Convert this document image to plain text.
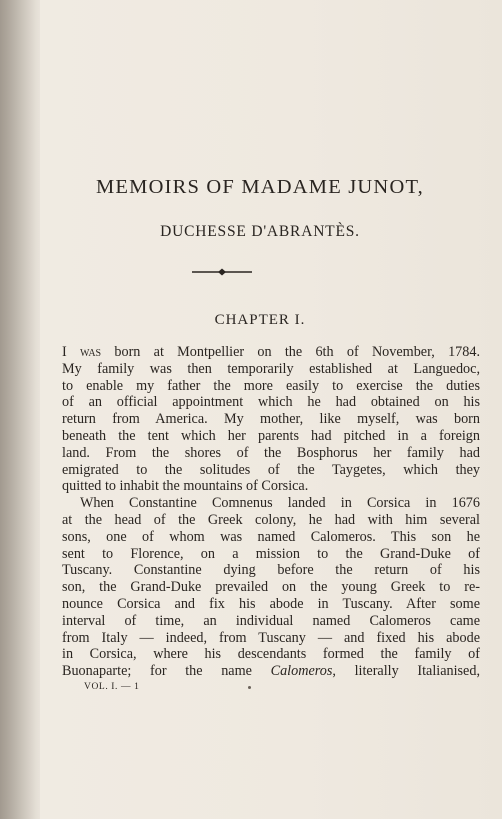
MEMOIRS OF MADAME JUNOT,
DUCHESSE D'ABRANTÈS.
CHAPTER I.
I was born at Montpellier on the 6th of November, 1784.
My family was then temporarily established at Languedoc,
to enable my father the more easily to exercise the duties
of an official appointment which he had obtained on his
return from America. My mother, like myself, was born
beneath the tent which her parents had pitched in a foreign
land. From the shores of the Bosphorus her family had
emigrated to the solitudes of the Taygetes, which they
quitted to inhabit the mountains of Corsica.
When Constantine Comnenus landed in Corsica in 1676
at the head of the Greek colony, he had with him several
sons, one of whom was named Calomeros. This son he
sent to Florence, on a mission to the Grand-Duke of
Tuscany. Constantine dying before the return of his
son, the Grand-Duke prevailed on the young Greek to re-
nounce Corsica and fix his abode in Tuscany. After some
interval of time, an individual named Calomeros came
from Italy — indeed, from Tuscany — and fixed his abode
in Corsica, where his descendants formed the family of
Buonaparte; for the name Calomeros, literally Italianised,
VOL. I. — 1
